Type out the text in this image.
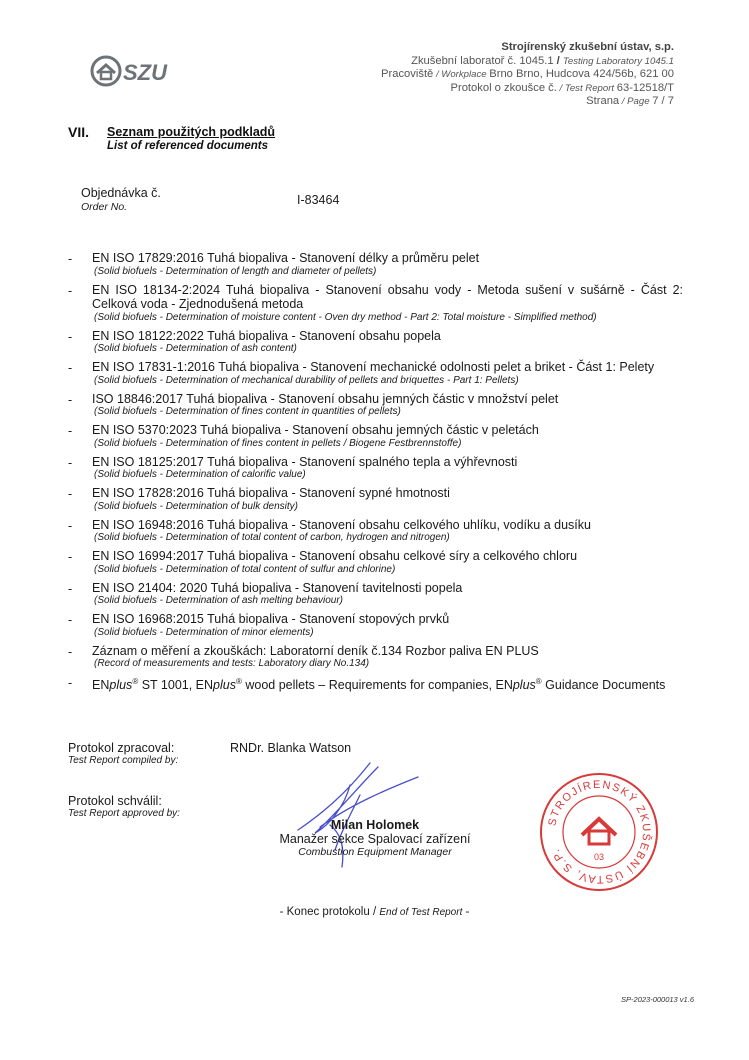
SZU
Strojírenský zkušební ústav, s.p.
Zkušební laboratoř č. 1045.1 / Testing Laboratory 1045.1
Pracoviště / Workplace Brno Brno, Hudcova 424/56b, 621 00
Protokol o zkoušce č. / Test Report 63-12518/T
Strana / Page 7 / 7
VII. Seznam použitých podkladů
List of referenced documents
Objednávka č.
Order No.	I-83464
- EN ISO 17829:2016 Tuhá biopaliva - Stanovení délky a průměru pelet
(Solid biofuels - Determination of length and diameter of pellets)
- EN ISO 18134-2:2024 Tuhá biopaliva - Stanovení obsahu vody - Metoda sušení v sušárně - Část 2: Celková voda - Zjednodušená metoda
(Solid biofuels - Determination of moisture content - Oven dry method - Part 2: Total moisture - Simplified method)
- EN ISO 18122:2022 Tuhá biopaliva - Stanovení obsahu popela
(Solid biofuels - Determination of ash content)
- EN ISO 17831-1:2016 Tuhá biopaliva - Stanovení mechanické odolnosti pelet a briket - Část 1: Pelety
(Solid biofuels - Determination of mechanical durability of pellets and briquettes - Part 1: Pellets)
- ISO 18846:2017 Tuhá biopaliva - Stanovení obsahu jemných částic v množství pelet
(Solid biofuels - Determination of fines content in quantities of pellets)
- EN ISO 5370:2023 Tuhá biopaliva - Stanovení obsahu jemných částic v peletách
(Solid biofuels - Determination of fines content in pellets / Biogene Festbrennstoffe)
- EN ISO 18125:2017 Tuhá biopaliva - Stanovení spalného tepla a výhřevnosti
(Solid biofuels - Determination of calorific value)
- EN ISO 17828:2016 Tuhá biopaliva - Stanovení sypné hmotnosti
(Solid biofuels - Determination of bulk density)
- EN ISO 16948:2016 Tuhá biopaliva - Stanovení obsahu celkového uhlíku, vodíku a dusíku
(Solid biofuels - Determination of total content of carbon, hydrogen and nitrogen)
- EN ISO 16994:2017 Tuhá biopaliva - Stanovení obsahu celkové síry a celkového chloru
(Solid biofuels - Determination of total content of sulfur and chlorine)
- EN ISO 21404: 2020 Tuhá biopaliva - Stanovení tavitelnosti popela
(Solid biofuels - Determination of ash melting behaviour)
- EN ISO 16968:2015 Tuhá biopaliva - Stanovení stopových prvků
(Solid biofuels - Determination of minor elements)
- Záznam o měření a zkouškách: Laboratorní deník č.134 Rozbor paliva EN PLUS
(Record of measurements and tests: Laboratory diary No.134)
- ENplus® ST 1001, ENplus® wood pellets – Requirements for companies, ENplus® Guidance Documents
Protokol zpracoval:
Test Report compiled by:
RNDr. Blanka Watson
Protokol schválil:
Test Report approved by:
Milan Holomek
Manažer sekce Spalovací zařízení
Combustion Equipment Manager
STROJÍRENSKÝ ZKUŠEBNÍ ÚSTAV, S.P.
03
- Konec protokolu / End of Test Report -
SP-2023-000013 v1.6
